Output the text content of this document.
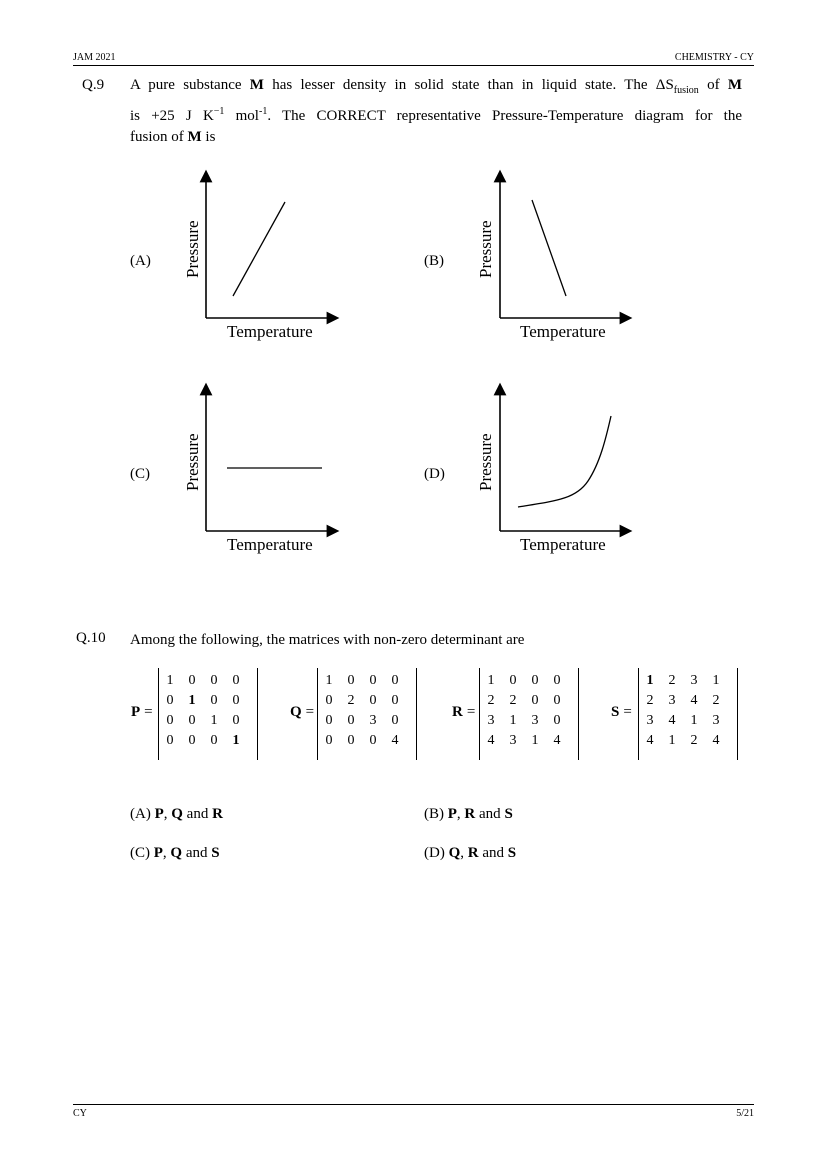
JAM 2021	CHEMISTRY - CY
Q.9 A pure substance M has lesser density in solid state than in liquid state. The $\Delta S_{fusion}$ of M
is +25 J $K^{-1}$ mol$^{-1}$. The CORRECT representative Pressure-Temperature diagram for the
fusion of M is
(A) Pressure
Temperature
(B) Pressure
Temperature
(C) Pressure
Temperature
(D) Pressure
Temperature
Q.10 Among the following, the matrices with non-zero determinant are
P =
1	0	0	0
0	1	0	0
0	0	1	0
0	0	0	1
Q =
1	0	0	0
0	2	0	0
0	0	3	0
0	0	0	4
R =
1	0	0	0
2	2	0	0
3	1	3	0
4	3	1	4
S =
1	2	3	1
2	3	4	2
3	4	1	3
4	1	2	4
(A) P, Q and R	(B) P, R and S
(C) P, Q and S	(D) Q, R and S
CY	5/21
